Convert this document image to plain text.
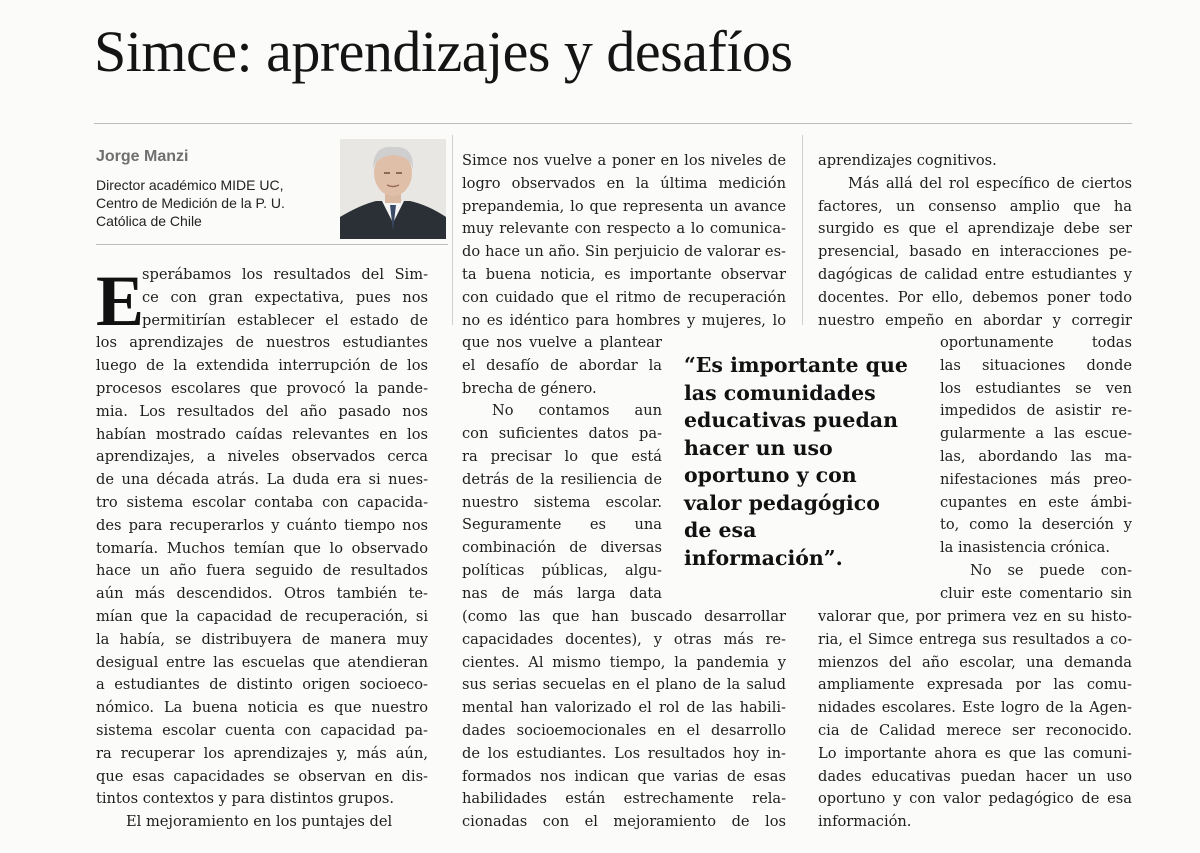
Simce: aprendizajes y desafíos
Jorge Manzi
Director académico MIDE UC,
Centro de Medición de la P. U.
Católica de Chile
E
sperábamos los resultados del Sim-
ce con gran expectativa, pues nos
permitirían establecer el estado de
los aprendizajes de nuestros estudiantes
luego de la extendida interrupción de los
procesos escolares que provocó la pande-
mia. Los resultados del año pasado nos
habían mostrado caídas relevantes en los
aprendizajes, a niveles observados cerca
de una década atrás. La duda era si nues-
tro sistema escolar contaba con capacida-
des para recuperarlos y cuánto tiempo nos
tomaría. Muchos temían que lo observado
hace un año fuera seguido de resultados
aún más descendidos. Otros también te-
mían que la capacidad de recuperación, si
la había, se distribuyera de manera muy
desigual entre las escuelas que atendieran
a estudiantes de distinto origen socioeco-
nómico. La buena noticia es que nuestro
sistema escolar cuenta con capacidad pa-
ra recuperar los aprendizajes y, más aún,
que esas capacidades se observan en dis-
tintos contextos y para distintos grupos.
El mejoramiento en los puntajes del
Simce nos vuelve a poner en los niveles de
logro observados en la última medición
prepandemia, lo que representa un avance
muy relevante con respecto a lo comunica-
do hace un año. Sin perjuicio de valorar es-
ta buena noticia, es importante observar
con cuidado que el ritmo de recuperación
no es idéntico para hombres y mujeres, lo
que nos vuelve a plantear
el desafío de abordar la
brecha de género.
No contamos aun
con suficientes datos pa-
ra precisar lo que está
detrás de la resiliencia de
nuestro sistema escolar.
Seguramente es una
combinación de diversas
políticas públicas, algu-
nas de más larga data
(como las que han buscado desarrollar
capacidades docentes), y otras más re-
cientes. Al mismo tiempo, la pandemia y
sus serias secuelas en el plano de la salud
mental han valorizado el rol de las habili-
dades socioemocionales en el desarrollo
de los estudiantes. Los resultados hoy in-
formados nos indican que varias de esas
habilidades están estrechamente rela-
cionadas con el mejoramiento de los
“Es importante que
las comunidades
educativas puedan
hacer un uso
oportuno y con
valor pedagógico
de esa
información”.
aprendizajes cognitivos.
Más allá del rol específico de ciertos
factores, un consenso amplio que ha
surgido es que el aprendizaje debe ser
presencial, basado en interacciones pe-
dagógicas de calidad entre estudiantes y
docentes. Por ello, debemos poner todo
nuestro empeño en abordar y corregir
oportunamente todas
las situaciones donde
los estudiantes se ven
impedidos de asistir re-
gularmente a las escue-
las, abordando las ma-
nifestaciones más preo-
cupantes en este ámbi-
to, como la deserción y
la inasistencia crónica.
No se puede con-
cluir este comentario sin
valorar que, por primera vez en su histo-
ria, el Simce entrega sus resultados a co-
mienzos del año escolar, una demanda
ampliamente expresada por las comu-
nidades escolares. Este logro de la Agen-
cia de Calidad merece ser reconocido.
Lo importante ahora es que las comuni-
dades educativas puedan hacer un uso
oportuno y con valor pedagógico de esa
información.
